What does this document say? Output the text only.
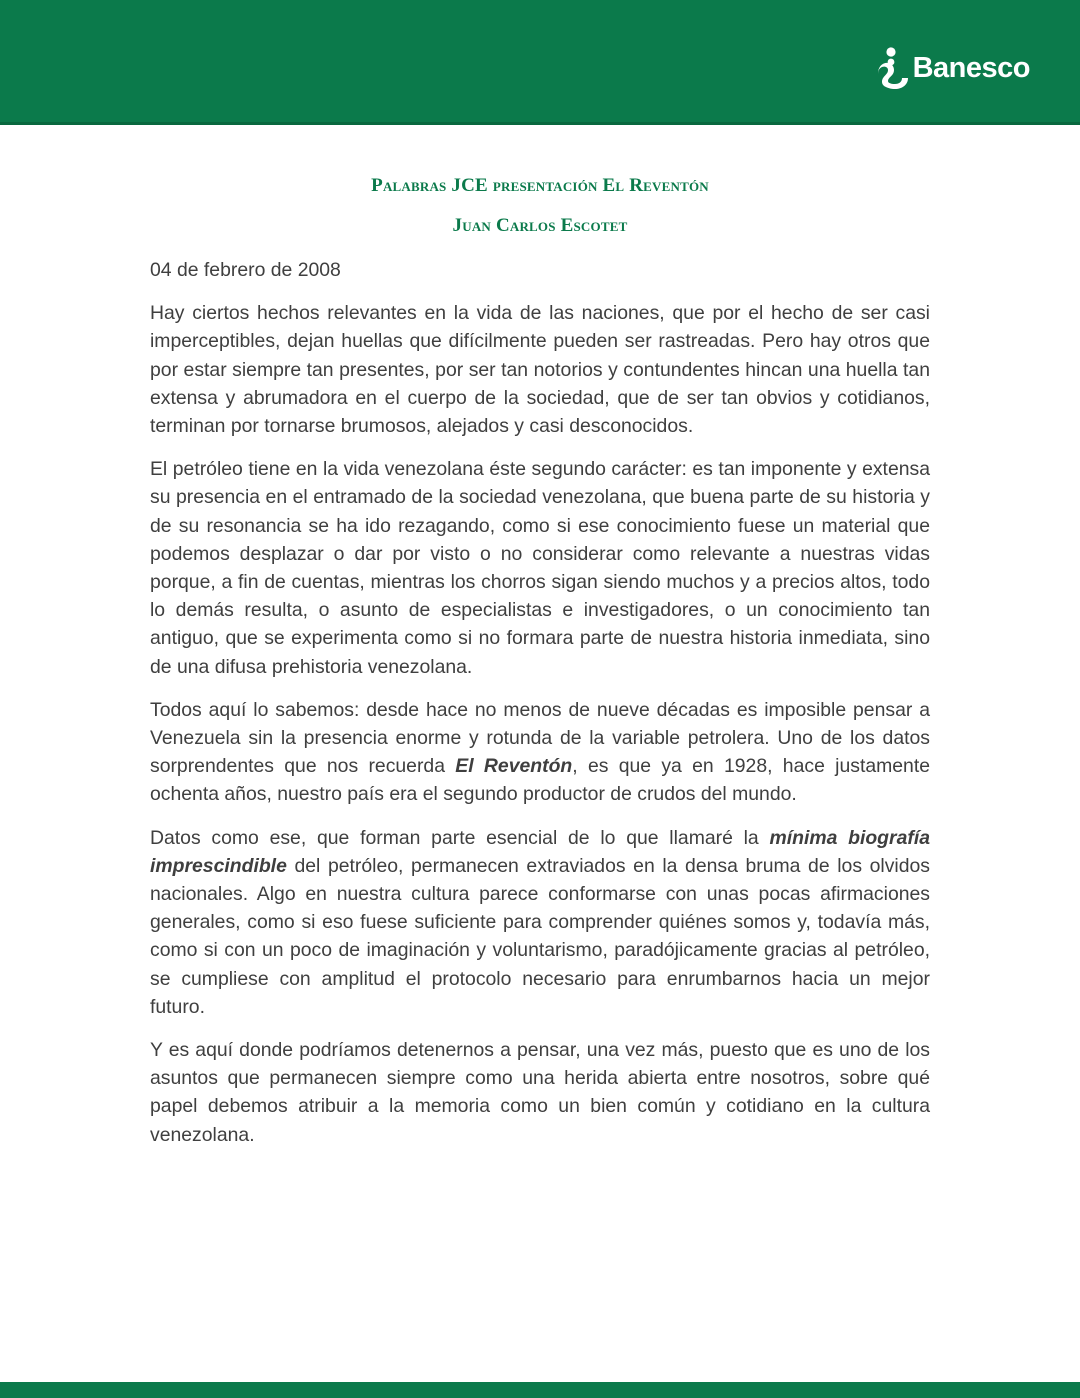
Banesco
Palabras JCE presentación El Reventón
Juan Carlos Escotet
04 de febrero de 2008

Hay ciertos hechos relevantes en la vida de las naciones, que por el hecho de ser casi imperceptibles, dejan huellas que difícilmente pueden ser rastreadas. Pero hay otros que por estar siempre tan presentes, por ser tan notorios y contundentes hincan una huella tan extensa y abrumadora en el cuerpo de la sociedad, que de ser tan obvios y cotidianos, terminan por tornarse brumosos, alejados y casi desconocidos.

El petróleo tiene en la vida venezolana éste segundo carácter: es tan imponente y extensa su presencia en el entramado de la sociedad venezolana, que buena parte de su historia y de su resonancia se ha ido rezagando, como si ese conocimiento fuese un material que podemos desplazar o dar por visto o no considerar como relevante a nuestras vidas porque, a fin de cuentas, mientras los chorros sigan siendo muchos y a precios altos, todo lo demás resulta, o asunto de especialistas e investigadores, o un conocimiento tan antiguo, que se experimenta como si no formara parte de nuestra historia inmediata, sino de una difusa prehistoria venezolana.

Todos aquí lo sabemos: desde hace no menos de nueve décadas es imposible pensar a Venezuela sin la presencia enorme y rotunda de la variable petrolera. Uno de los datos sorprendentes que nos recuerda El Reventón, es que ya en 1928, hace justamente ochenta años, nuestro país era el segundo productor de crudos del mundo.

Datos como ese, que forman parte esencial de lo que llamaré la mínima biografía imprescindible del petróleo, permanecen extraviados en la densa bruma de los olvidos nacionales. Algo en nuestra cultura parece conformarse con unas pocas afirmaciones generales, como si eso fuese suficiente para comprender quiénes somos y, todavía más, como si con un poco de imaginación y voluntarismo, paradójicamente gracias al petróleo, se cumpliese con amplitud el protocolo necesario para enrumbarnos hacia un mejor futuro.

Y es aquí donde podríamos detenernos a pensar, una vez más, puesto que es uno de los asuntos que permanecen siempre como una herida abierta entre nosotros, sobre qué papel debemos atribuir a la memoria como un bien común y cotidiano en la cultura venezolana.
